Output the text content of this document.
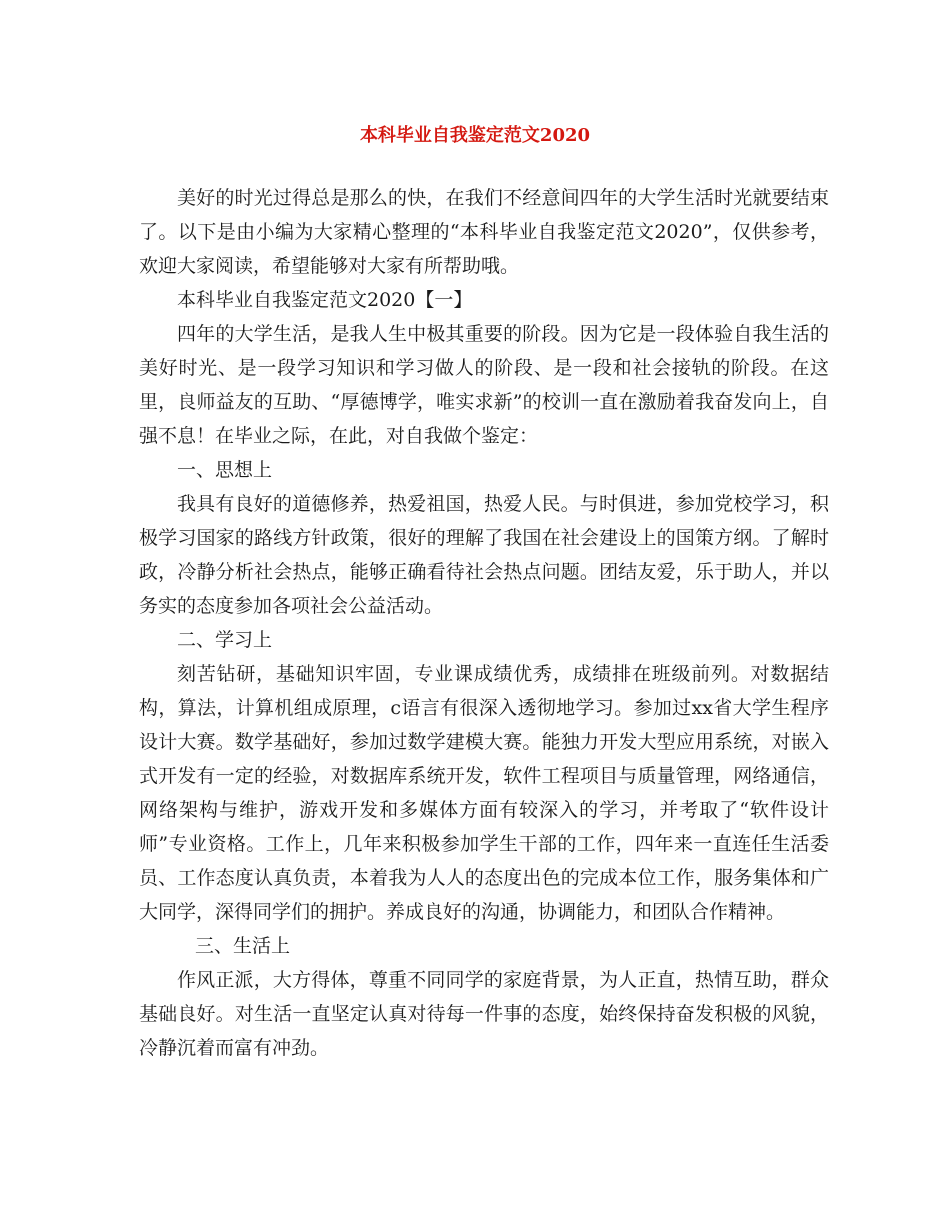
本科毕业自我鉴定范文2020

美好的时光过得总是那么的快，在我们不经意间四年的大学生活时光就要结束了。以下是由小编为大家精心整理的“本科毕业自我鉴定范文2020”，仅供参考，欢迎大家阅读，希望能够对大家有所帮助哦。

本科毕业自我鉴定范文2020【一】

四年的大学生活，是我人生中极其重要的阶段。因为它是一段体验自我生活的美好时光、是一段学习知识和学习做人的阶段、是一段和社会接轨的阶段。在这里，良师益友的互助、“厚德博学，唯实求新”的校训一直在激励着我奋发向上，自强不息！在毕业之际，在此，对自我做个鉴定：

一、思想上

我具有良好的道德修养，热爱祖国，热爱人民。与时俱进，参加党校学习，积极学习国家的路线方针政策，很好的理解了我国在社会建设上的国策方纲。了解时政，冷静分析社会热点，能够正确看待社会热点问题。团结友爱，乐于助人，并以务实的态度参加各项社会公益活动。

二、学习上

刻苦钻研，基础知识牢固，专业课成绩优秀，成绩排在班级前列。对数据结构，算法，计算机组成原理，c语言有很深入透彻地学习。参加过xx省大学生程序设计大赛。数学基础好，参加过数学建模大赛。能独力开发大型应用系统，对嵌入式开发有一定的经验，对数据库系统开发，软件工程项目与质量管理，网络通信，网络架构与维护，游戏开发和多媒体方面有较深入的学习，并考取了“软件设计师”专业资格。工作上，几年来积极参加学生干部的工作，四年来一直连任生活委员、工作态度认真负责，本着我为人人的态度出色的完成本位工作，服务集体和广大同学，深得同学们的拥护。养成良好的沟通，协调能力，和团队合作精神。

三、生活上

作风正派，大方得体，尊重不同同学的家庭背景，为人正直，热情互助，群众基础良好。对生活一直坚定认真对待每一件事的态度，始终保持奋发积极的风貌，冷静沉着而富有冲劲。
